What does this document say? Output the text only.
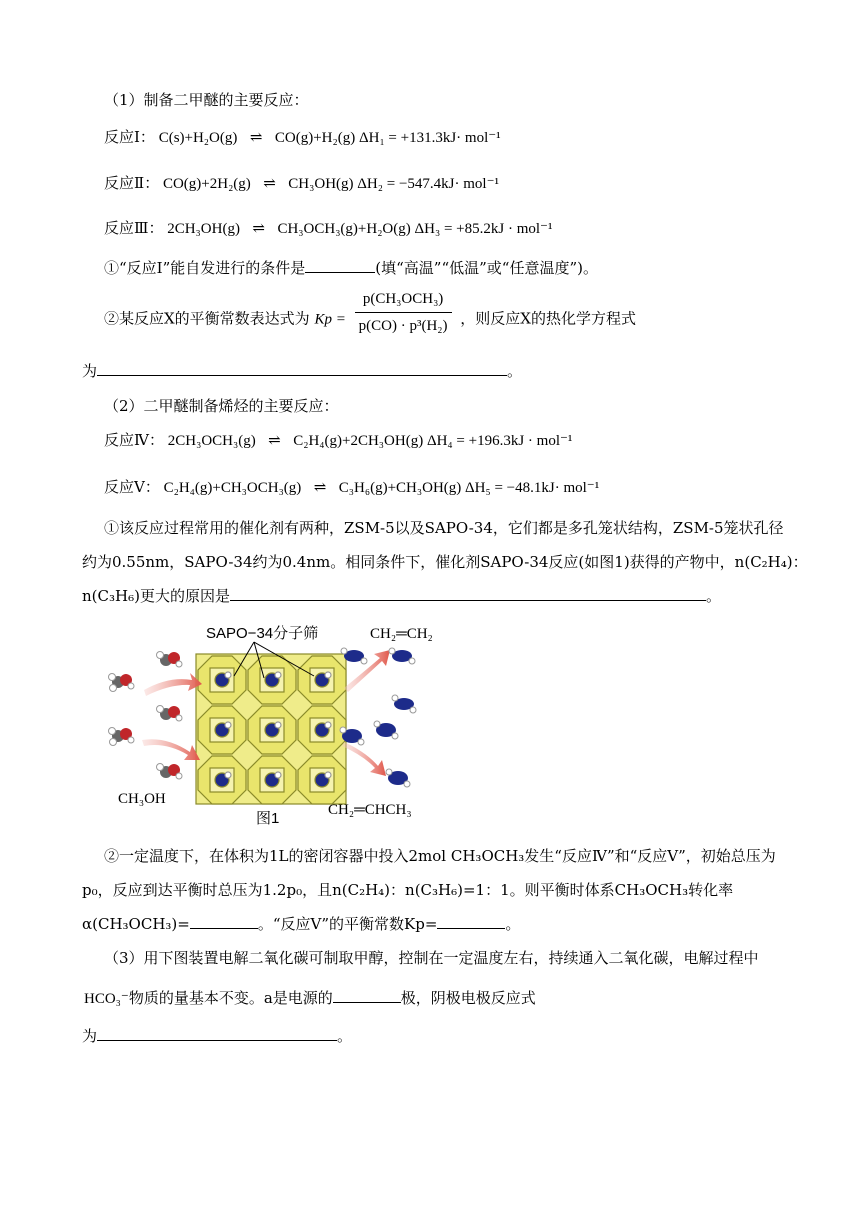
（1）制备二甲醚的主要反应：
反应Ⅰ： C(s)+H₂O(g) ⇌ CO(g)+H₂(g) ΔH₁ = +131.3kJ· mol⁻¹
反应Ⅱ： CO(g)+2H₂(g) ⇌ CH₃OH(g) ΔH₂ = −547.4kJ· mol⁻¹
反应Ⅲ： 2CH₃OH(g) ⇌ CH₃OCH₃(g)+H₂O(g) ΔH₃ = +85.2kJ · mol⁻¹
①“反应Ⅰ”能自发进行的条件是	(填“高温”“低温”或“任意温度”)。
②某反应X的平衡常数表达式为 $Kp = \frac{\text{p(CH₃OCH₃)}}{\text{p(CO) · p³(H₂)}}$ ，则反应X的热化学方程式
为	。
（2）二甲醚制备烯烃的主要反应：
反应Ⅳ： 2CH₃OCH₃(g) ⇌ C₂H₄(g)+2CH₃OH(g) ΔH₄ = +196.3kJ · mol⁻¹
反应Ⅴ： C₂H₄(g)+CH₃OCH₃(g) ⇌ C₃H₆(g)+CH₃OH(g) ΔH₅ = −48.1kJ· mol⁻¹
①该反应过程常用的催化剂有两种，ZSM-5以及SAPO-34，它们都是多孔笼状结构，ZSM-5笼状孔径
约为0.55nm，SAPO-34约为0.4nm。相同条件下，催化剂SAPO-34反应(如图1)获得的产物中，n(C₂H₄)：
n(C₃H₆)更大的原因是	。
SAPO−34分子筛	CH₂═CH₂
CH₃OH
CH₂═CHCH₃
图1
②一定温度下，在体积为1L的密闭容器中投入2mol CH₃OCH₃发生“反应Ⅳ”和“反应Ⅴ”，初始总压为
p₀，反应到达平衡时总压为1.2p₀，且n(C₂H₄)：n(C₃H₆)=1：1。则平衡时体系CH₃OCH₃转化率
α(CH₃OCH₃)=	。“反应Ⅴ”的平衡常数Kp=	。
（3）用下图装置电解二氧化碳可制取甲醇，控制在一定温度左右，持续通入二氧化碳，电解过程中
HCO₃⁻物质的量基本不变。a是电源的	极，阴极电极反应式
为	。
